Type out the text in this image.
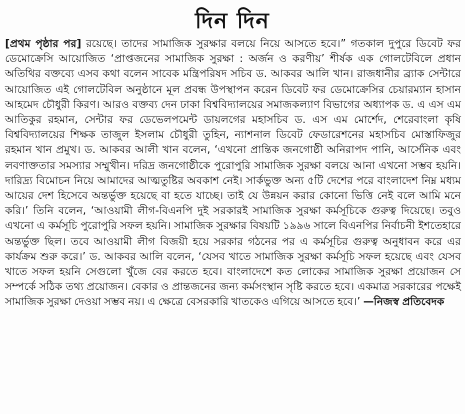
দিন দিন
[প্রথম পৃষ্ঠার পর] রয়েছে। তাদের সামাজিক সুরক্ষার বলয়ে নিয়ে আসতে হবে।” গতকাল দুপুরে ডিবেট ফর ডেমোক্রেসি আয়োজিত ‘প্রাপ্তজনের সামাজিক সুরক্ষা : অর্জন ও করণীয়’ শীর্ষক এক গোলটেবিলে প্রধান অতিথির বক্তব্যে এসব কথা বলেন সাবেক মন্ত্রিপরিষদ সচিব ড. আকবর আলি খান। রাজধানীর ব্র্যাক সেন্টারে আয়োজিত এই গোলটেবিল অনুষ্ঠানে মূল প্রবন্ধ উপস্থাপন করেন ডিবেট ফর ডেমোক্রেসির চেয়ারম্যান হাসান আহমেদ চৌধুরী কিরণ। আরও বক্তব্য দেন ঢাকা বিশ্ববিদ্যালয়ের সমাজকল্যাণ বিভাগের অধ্যাপক ড. এ এস এম আতিকুর রহমান, সেন্টার ফর ডেভেলপমেন্ট ডায়লগের মহাসচিব ড. এস এম মোর্শেদ, শেরেবাংলা কৃষি বিশ্ববিদ্যালয়ের শিক্ষক তাজুল ইসলাম চৌধুরী তুহিন, ন্যাশনাল ডিবেট ফেডারেশনের মহাসচিব মোস্তাফিজুর রহমান খান প্রমুখ। ড. আকবর আলী খান বলেন, ‘এখনো প্রান্তিক জনগোষ্ঠী অনিরাপদ পানি, আর্সেনিক এবং লবণাক্ততার সমস্যার সম্মুখীন। দরিদ্র জনগোষ্ঠীকে পুরোপুরি সামাজিক সুরক্ষা বলয়ে আনা এখনো সম্ভব হয়নি। দারিদ্র্য বিমোচন নিয়ে আমাদের আত্মতুষ্টির অবকাশ নেই। সার্কভুক্ত অন্য ৫টি দেশের পরে বাংলাদেশ নিম্ন মধ্যম আয়ের দেশ হিসেবে অন্তর্ভুক্ত হয়েছে বা হতে যাচ্ছে। তাই যে উন্নয়ন করার কোনো ভিত্তি নেই বলে আমি মনে করি।’ তিনি বলেন, ‘আওয়ামী লীগ-বিএনপি দুই সরকারই সামাজিক সুরক্ষা কর্মসূচিকে গুরুত্ব দিয়েছে। তবুও এখনো এ কর্মসূচি পুরোপুরি সফল হয়নি। সামাজিক সুরক্ষার বিষয়টি ১৯৯৬ সালে বিএনপির নির্বাচনী ইশতেহারে অন্তর্ভুক্ত ছিল। তবে আওয়ামী লীগ বিজয়ী হয়ে সরকার গঠনের পর এ কর্মসূচির গুরুত্ব অনুধাবন করে এর কার্যক্রম শুরু করে।’ ড. আকবর আলি বলেন, ‘যেসব খাতে সামাজিক সুরক্ষা কর্মসূচি সফল হয়েছে এবং যেসব খাতে সফল হয়নি সেগুলো খুঁজে বের করতে হবে। বাংলাদেশে কত লোকের সামাজিক সুরক্ষা প্রয়োজন সে সম্পর্কে সঠিক তথ্য প্রয়োজন। বেকার ও প্রান্তজনের জন্য কর্মসংস্থান সৃষ্টি করতে হবে। একমাত্র সরকারের পক্ষেই সামাজিক সুরক্ষা দেওয়া সম্ভব নয়। এ ক্ষেত্রে বেসরকারি খাতকেও এগিয়ে আসতে হবে।’ —নিজস্ব প্রতিবেদক
